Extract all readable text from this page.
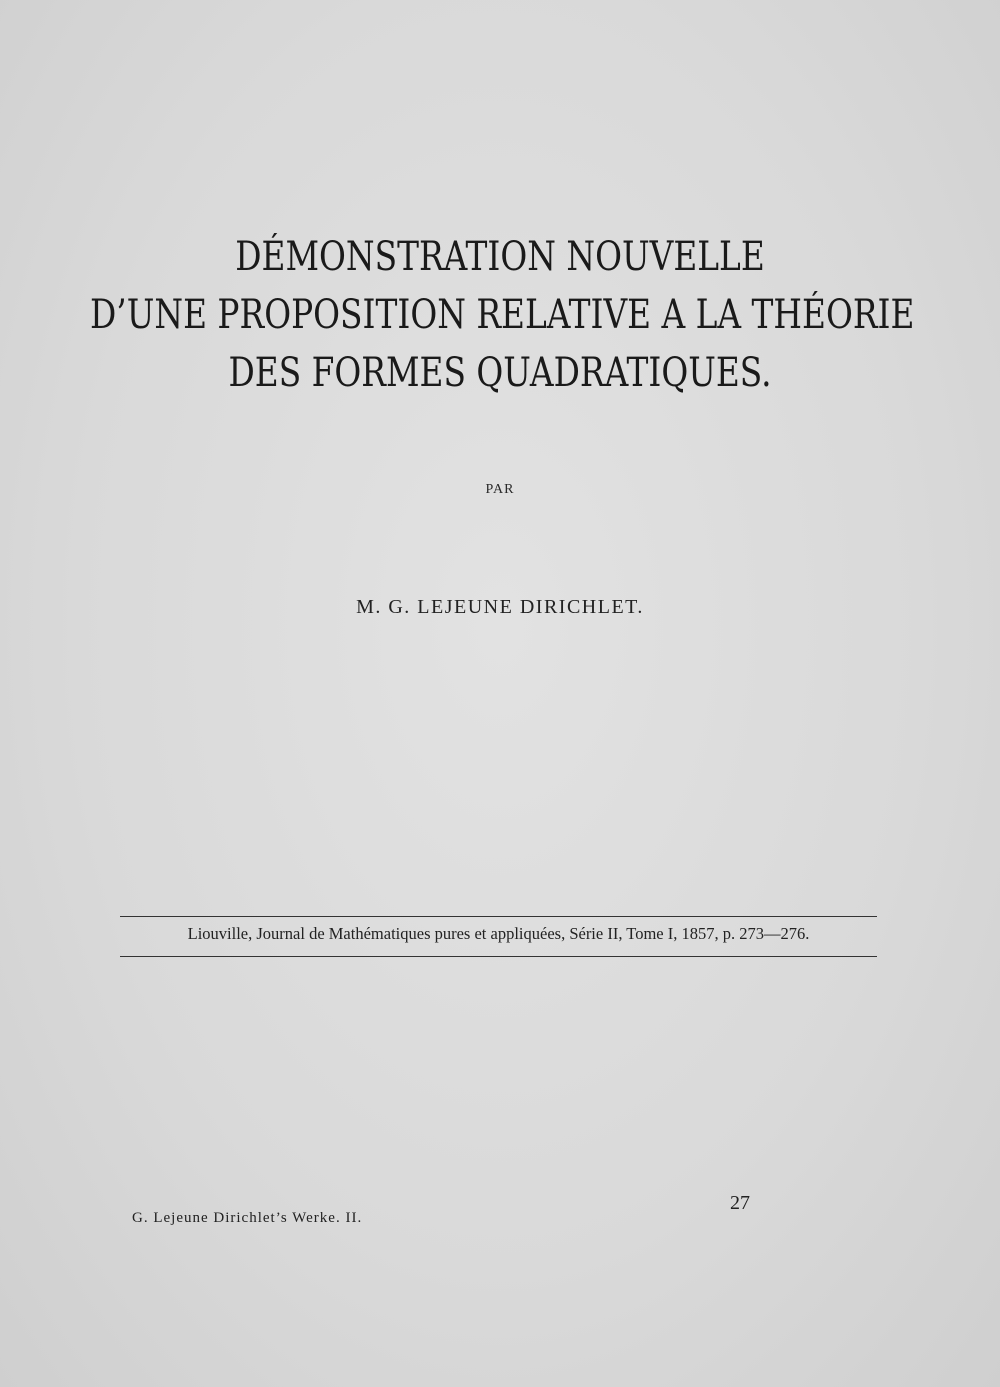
DÉMONSTRATION NOUVELLE
D’UNE PROPOSITION RELATIVE A LA THÉORIE
DES FORMES QUADRATIQUES.
PAR
M. G. LEJEUNE DIRICHLET.
Liouville, Journal de Mathématiques pures et appliquées, Série II, Tome I, 1857, p. 273—276.
27
G. Lejeune Dirichlet’s Werke. II.
